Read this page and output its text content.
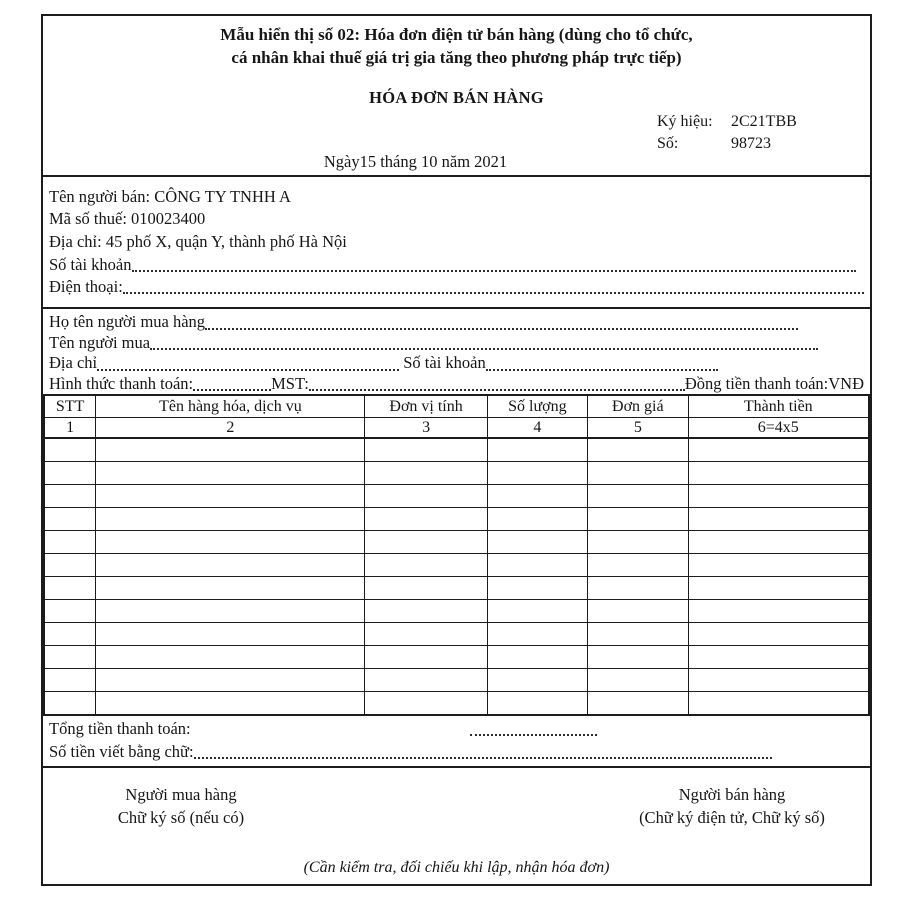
Mẫu hiển thị số 02: Hóa đơn điện tử bán hàng (dùng cho tổ chức,
cá nhân khai thuế giá trị gia tăng theo phương pháp trực tiếp)
HÓA ĐƠN BÁN HÀNG
Ký hiệu:	2C21TBB
Số:	98723
Ngày15 tháng 10 năm 2021
Tên người bán: CÔNG TY TNHH A
Mã số thuế: 010023400
Địa chỉ: 45 phố X, quận Y, thành phố Hà Nội
Số tài khoản
Điện thoại:
Họ tên người mua hàng
Tên người mua
Địa chỉ	Số tài khoản
Hình thức thanh toán:	MST:	Đồng tiền thanh toán: VNĐ
STT	Tên hàng hóa, dịch vụ	Đơn vị tính	Số lượng	Đơn giá	Thành tiền
1	2	3	4	5	6=4x5

Tổng tiền thanh toán:
Số tiền viết bằng chữ:
Người mua hàng
Chữ ký số (nếu có)
Người bán hàng
(Chữ ký điện tử, Chữ ký số)
(Cần kiểm tra, đối chiếu khi lập, nhận hóa đơn)
